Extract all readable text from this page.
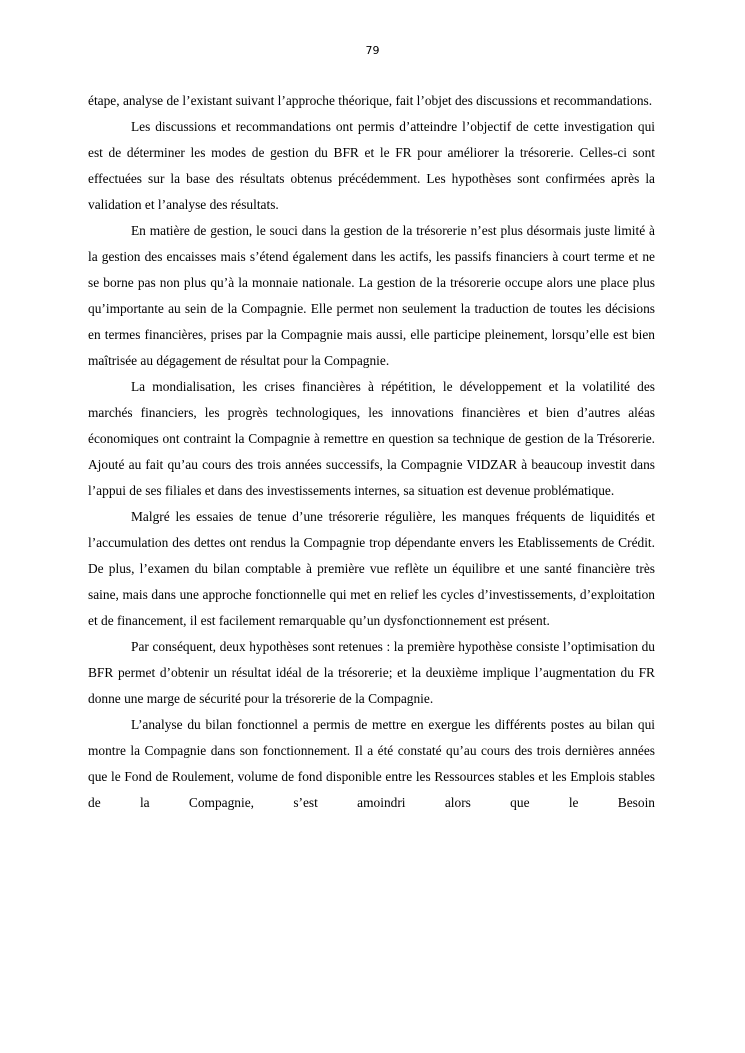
79

étape, analyse de l’existant suivant l’approche théorique, fait l’objet des discussions et recommandations.

Les discussions et recommandations ont permis d’atteindre l’objectif de cette investigation qui est de déterminer les modes de gestion du BFR et le FR pour améliorer la trésorerie. Celles-ci sont effectuées sur la base des résultats obtenus précédemment. Les hypothèses sont confirmées après la validation et l’analyse des résultats.

En matière de gestion, le souci dans la gestion de la trésorerie n’est plus désormais juste limité à la gestion des encaisses mais s’étend également dans les actifs, les passifs financiers à court terme et ne se borne pas non plus qu’à la monnaie nationale. La gestion de la trésorerie occupe alors une place plus qu’importante au sein de la Compagnie. Elle permet non seulement la traduction de toutes les décisions en termes financières, prises par la Compagnie mais aussi, elle participe pleinement, lorsqu’elle est bien maîtrisée au dégagement de résultat pour la Compagnie.

La mondialisation, les crises financières à répétition, le développement et la volatilité des marchés financiers, les progrès technologiques, les innovations financières et bien d’autres aléas économiques ont contraint la Compagnie à remettre en question sa technique de gestion de la Trésorerie. Ajouté au fait qu’au cours des trois années successifs, la Compagnie VIDZAR à beaucoup investit dans l’appui de ses filiales et dans des investissements internes, sa situation est devenue problématique.

Malgré les essaies de tenue d’une trésorerie régulière, les manques fréquents de liquidités et l’accumulation des dettes ont rendus la Compagnie trop dépendante envers les Etablissements de Crédit. De plus, l’examen du bilan comptable à première vue reflète un équilibre et une santé financière très saine, mais dans une approche fonctionnelle qui met en relief les cycles d’investissements, d’exploitation et de financement, il est facilement remarquable qu’un dysfonctionnement est présent.

Par conséquent, deux hypothèses sont retenues : la première hypothèse consiste l’optimisation du BFR permet d’obtenir un résultat idéal de la trésorerie; et la deuxième implique l’augmentation du FR donne une marge de sécurité pour la trésorerie de la Compagnie.

L’analyse du bilan fonctionnel a permis de mettre en exergue les différents postes au bilan qui montre la Compagnie dans son fonctionnement. Il a été constaté qu’au cours des trois dernières années que le Fond de Roulement, volume de fond disponible entre les Ressources stables et les Emplois stables de la Compagnie, s’est amoindri alors que le Besoin
